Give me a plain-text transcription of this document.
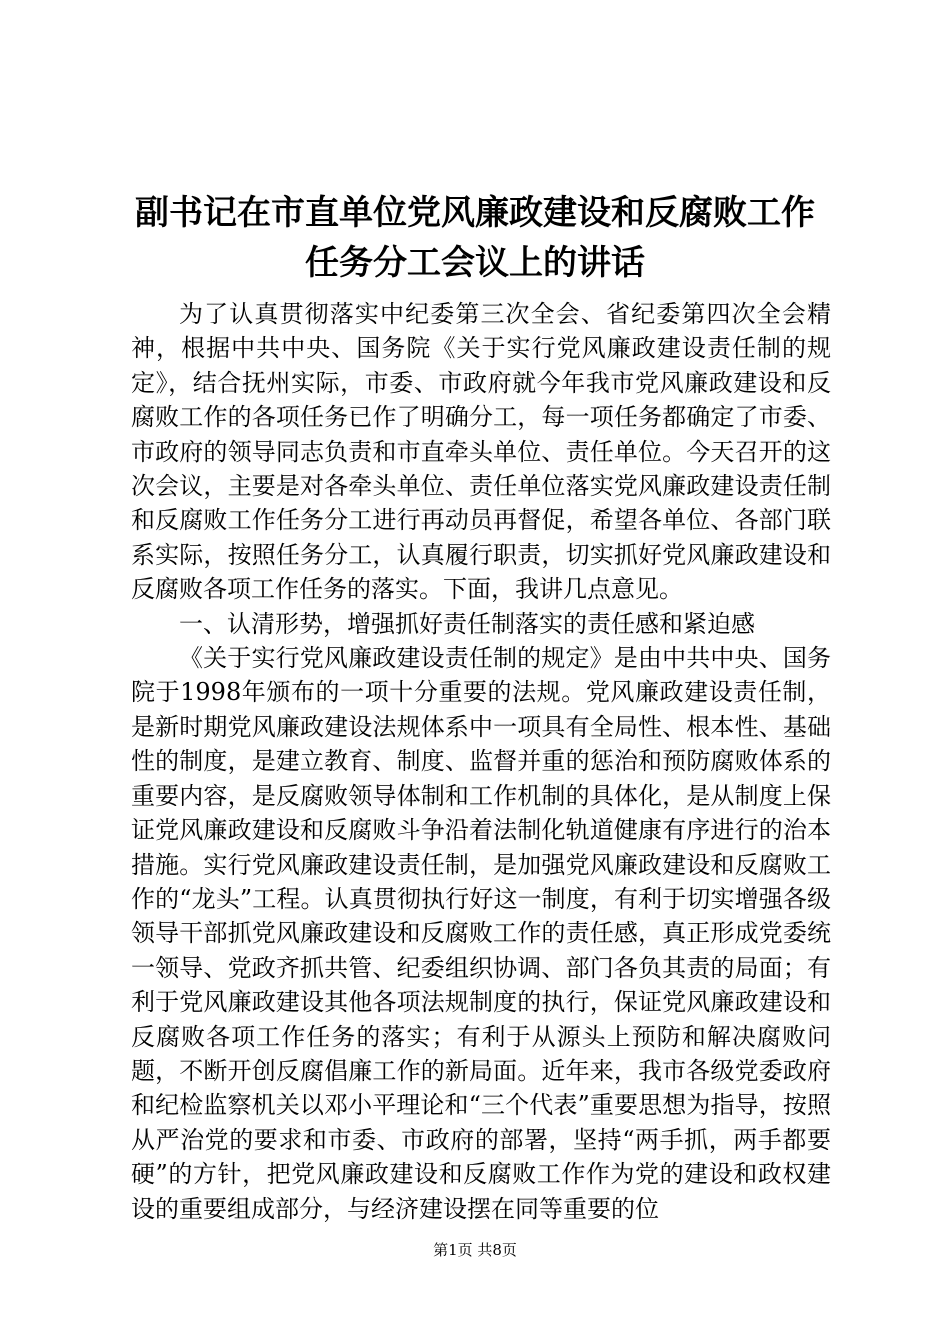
副书记在市直单位党风廉政建设和反腐败工作
任务分工会议上的讲话

为了认真贯彻落实中纪委第三次全会、省纪委第四次全会精神，根据中共中央、国务院《关于实行党风廉政建设责任制的规定》，结合抚州实际，市委、市政府就今年我市党风廉政建设和反腐败工作的各项任务已作了明确分工，每一项任务都确定了市委、市政府的领导同志负责和市直牵头单位、责任单位。今天召开的这次会议，主要是对各牵头单位、责任单位落实党风廉政建设责任制和反腐败工作任务分工进行再动员再督促，希望各单位、各部门联系实际，按照任务分工，认真履行职责，切实抓好党风廉政建设和反腐败各项工作任务的落实。下面，我讲几点意见。

一、认清形势，增强抓好责任制落实的责任感和紧迫感

《关于实行党风廉政建设责任制的规定》是由中共中央、国务院于1998年颁布的一项十分重要的法规。党风廉政建设责任制，是新时期党风廉政建设法规体系中一项具有全局性、根本性、基础性的制度，是建立教育、制度、监督并重的惩治和预防腐败体系的重要内容，是反腐败领导体制和工作机制的具体化，是从制度上保证党风廉政建设和反腐败斗争沿着法制化轨道健康有序进行的治本措施。实行党风廉政建设责任制，是加强党风廉政建设和反腐败工作的“龙头”工程。认真贯彻执行好这一制度，有利于切实增强各级领导干部抓党风廉政建设和反腐败工作的责任感，真正形成党委统一领导、党政齐抓共管、纪委组织协调、部门各负其责的局面；有利于党风廉政建设其他各项法规制度的执行，保证党风廉政建设和反腐败各项工作任务的落实；有利于从源头上预防和解决腐败问题，不断开创反腐倡廉工作的新局面。近年来，我市各级党委政府和纪检监察机关以邓小平理论和“三个代表”重要思想为指导，按照从严治党的要求和市委、市政府的部署，坚持“两手抓，两手都要硬”的方针，把党风廉政建设和反腐败工作作为党的建设和政权建设的重要组成部分，与经济建设摆在同等重要的位

第1页 共8页
